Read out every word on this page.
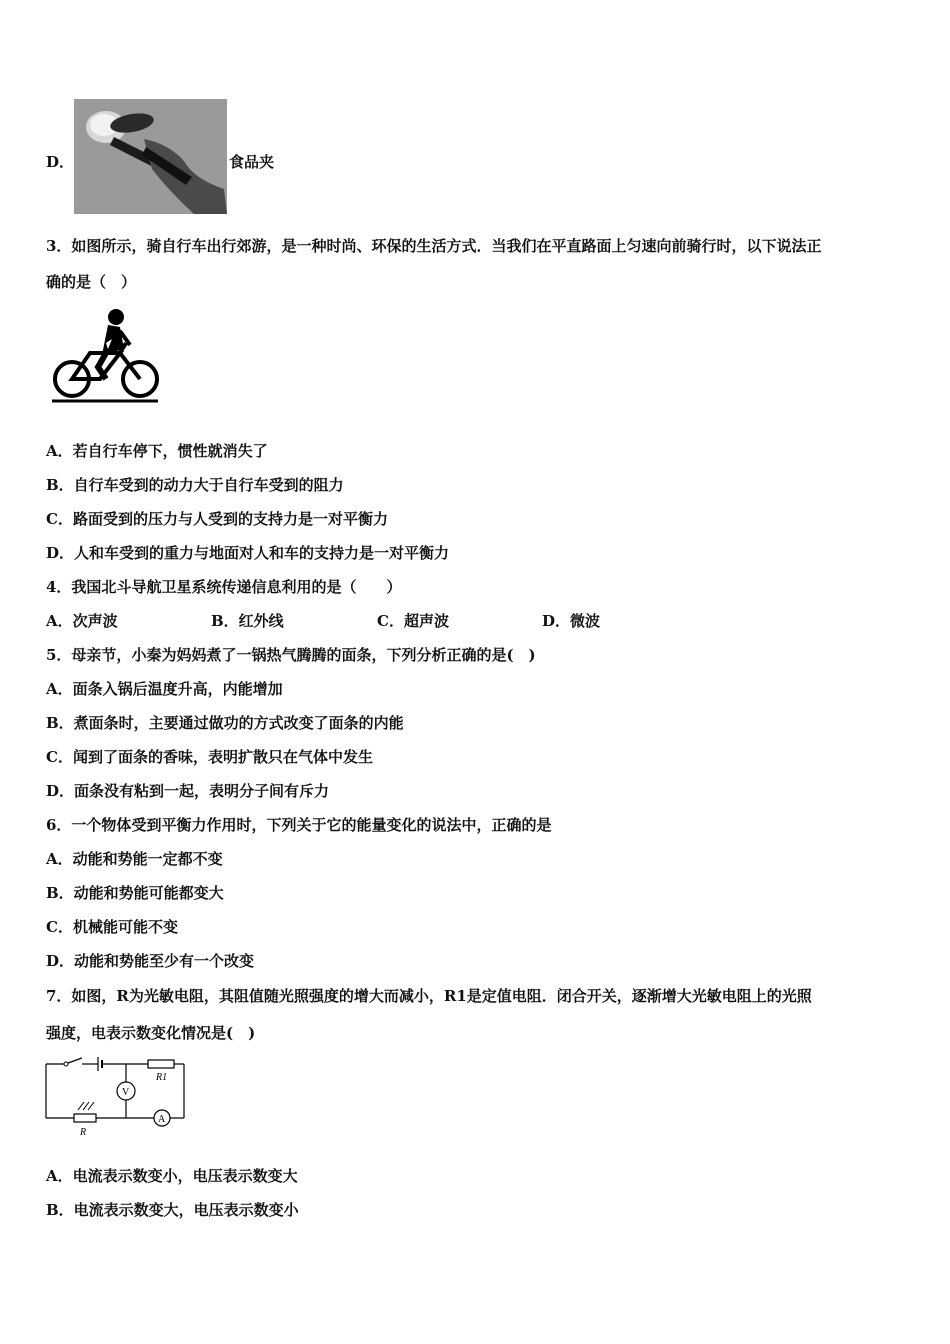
D．	食品夹
3．如图所示，骑自行车出行郊游，是一种时尚、环保的生活方式．当我们在平直路面上匀速向前骑行时，以下说法正
确的是（　）
A．若自行车停下，惯性就消失了
B．自行车受到的动力大于自行车受到的阻力
C．路面受到的压力与人受到的支持力是一对平衡力
D．人和车受到的重力与地面对人和车的支持力是一对平衡力
4．我国北斗导航卫星系统传递信息利用的是（　　）
A．次声波	B．红外线	C．超声波	D．微波
5．母亲节，小秦为妈妈煮了一锅热气腾腾的面条，下列分析正确的是(　)
A．面条入锅后温度升高，内能增加
B．煮面条时，主要通过做功的方式改变了面条的内能
C．闻到了面条的香味，表明扩散只在气体中发生
D．面条没有粘到一起，表明分子间有斥力
6．一个物体受到平衡力作用时，下列关于它的能量变化的说法中，正确的是
A．动能和势能一定都不变
B．动能和势能可能都变大
C．机械能可能不变
D．动能和势能至少有一个改变
7．如图，R为光敏电阻，其阻值随光照强度的增大而减小，R1是定值电阻．闭合开关，逐渐增大光敏电阻上的光照
强度，电表示数变化情况是(　)
R1
V
R
A
A．电流表示数变小，电压表示数变大
B．电流表示数变大，电压表示数变小
